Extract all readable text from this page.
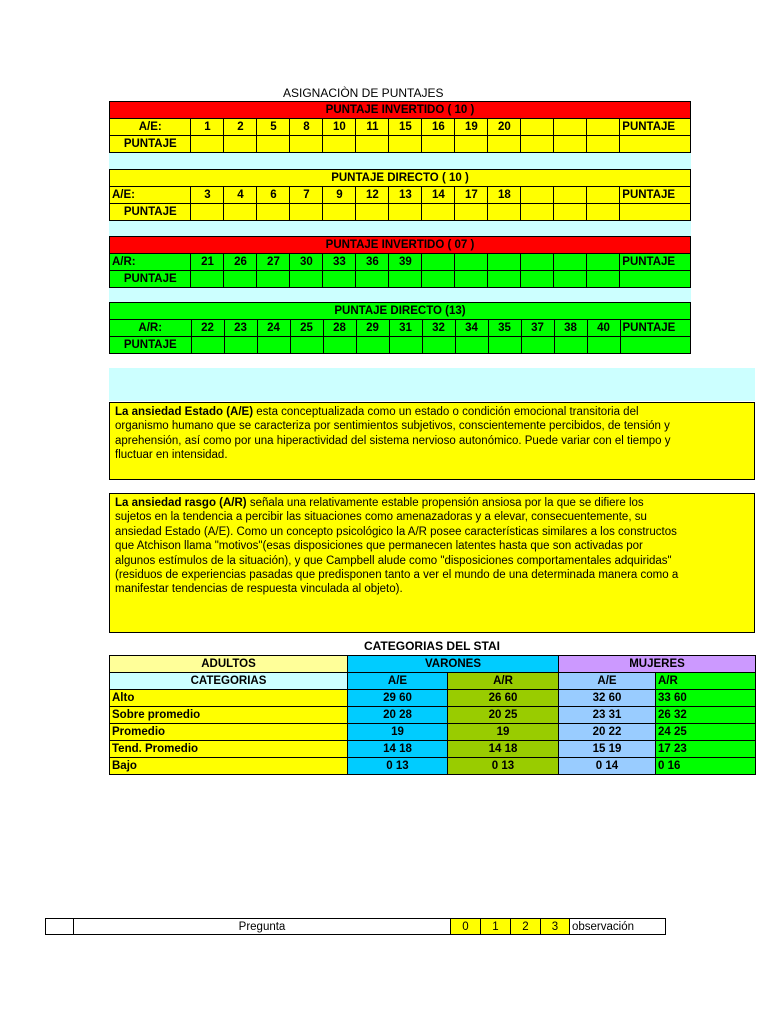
ASIGNACIÒN DE PUNTAJES
PUNTAJE INVERTIDO ( 10 )														
A/E:	1	2	5	8	10	11	15	16	19	20				PUNTAJE
PUNTAJE														
PUNTAJE DIRECTO ( 10 )														
A/E:	3	4	6	7	9	12	13	14	17	18				PUNTAJE
PUNTAJE														
PUNTAJE INVERTIDO ( 07 )														
A/R:	21	26	27	30	33	36	39							PUNTAJE
PUNTAJE														
PUNTAJE DIRECTO (13)														
A/R:	22	23	24	25	28	29	31	32	34	35	37	38	40	PUNTAJE
PUNTAJE														
La ansiedad Estado (A/E) esta conceptualizada como un estado o condición emocional transitoria del
organismo humano que se caracteriza por sentimientos subjetivos, conscientemente percibidos, de tensión y
aprehensión, así como por una hiperactividad del sistema nervioso autonómico. Puede variar con el tiempo y
fluctuar en intensidad.
La ansiedad rasgo (A/R) señala una relativamente estable propensión ansiosa por la que se difiere los
sujetos en la tendencia a percibir las situaciones como amenazadoras y a elevar, consecuentemente, su
ansiedad Estado (A/E). Como un concepto psicológico la A/R posee características similares a los constructos
que Atchison llama "motivos"(esas disposiciones que permanecen latentes hasta que son activadas por
algunos estímulos de la situación), y que Campbell alude como "disposiciones comportamentales adquiridas"
(residuos de experiencias pasadas que predisponen tanto a ver el mundo de una determinada manera como a
manifestar tendencias de respuesta vinculada al objeto).
CATEGORIAS DEL STAI
ADULTOS	VARONES		MUJERES	
CATEGORIAS	A/E	A/R	A/E	A/R
Alto	29 60	26 60	32 60	33 60
Sobre promedio	20 28	20 25	23 31	26 32
Promedio	19	19	20 22	24 25
Tend. Promedio	14 18	14 18	15 19	17 23
Bajo	0 13	0 13	0 14	0 16
	Pregunta	0	1	2	3	observación
